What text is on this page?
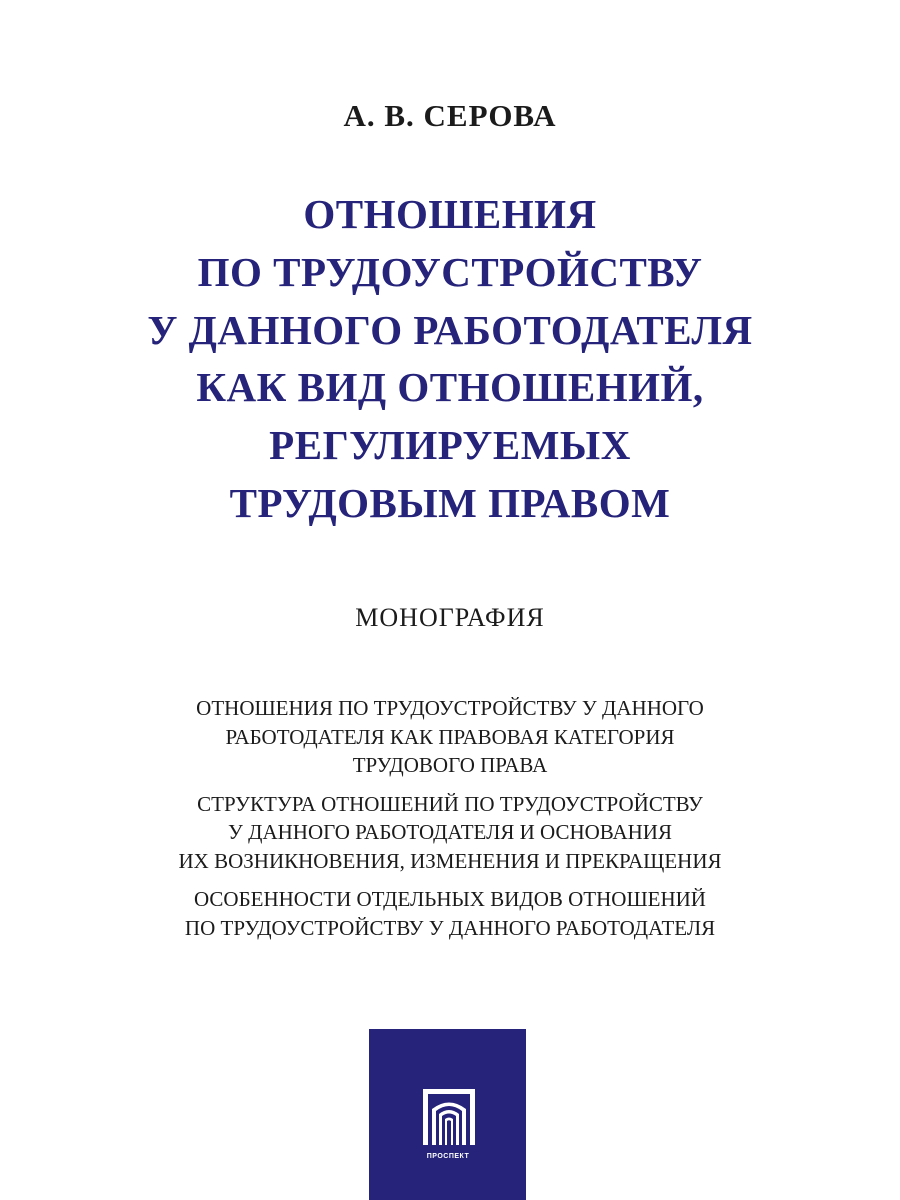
А. В. СЕРОВА
ОТНОШЕНИЯ
ПО ТРУДОУСТРОЙСТВУ
У ДАННОГО РАБОТОДАТЕЛЯ
КАК ВИД ОТНОШЕНИЙ,
РЕГУЛИРУЕМЫХ
ТРУДОВЫМ ПРАВОМ
МОНОГРАФИЯ
ОТНОШЕНИЯ ПО ТРУДОУСТРОЙСТВУ У ДАННОГО
РАБОТОДАТЕЛЯ КАК ПРАВОВАЯ КАТЕГОРИЯ
ТРУДОВОГО ПРАВА
СТРУКТУРА ОТНОШЕНИЙ ПО ТРУДОУСТРОЙСТВУ
У ДАННОГО РАБОТОДАТЕЛЯ И ОСНОВАНИЯ
ИХ ВОЗНИКНОВЕНИЯ, ИЗМЕНЕНИЯ И ПРЕКРАЩЕНИЯ
ОСОБЕННОСТИ ОТДЕЛЬНЫХ ВИДОВ ОТНОШЕНИЙ
ПО ТРУДОУСТРОЙСТВУ У ДАННОГО РАБОТОДАТЕЛЯ
ПРОСПЕКТ
